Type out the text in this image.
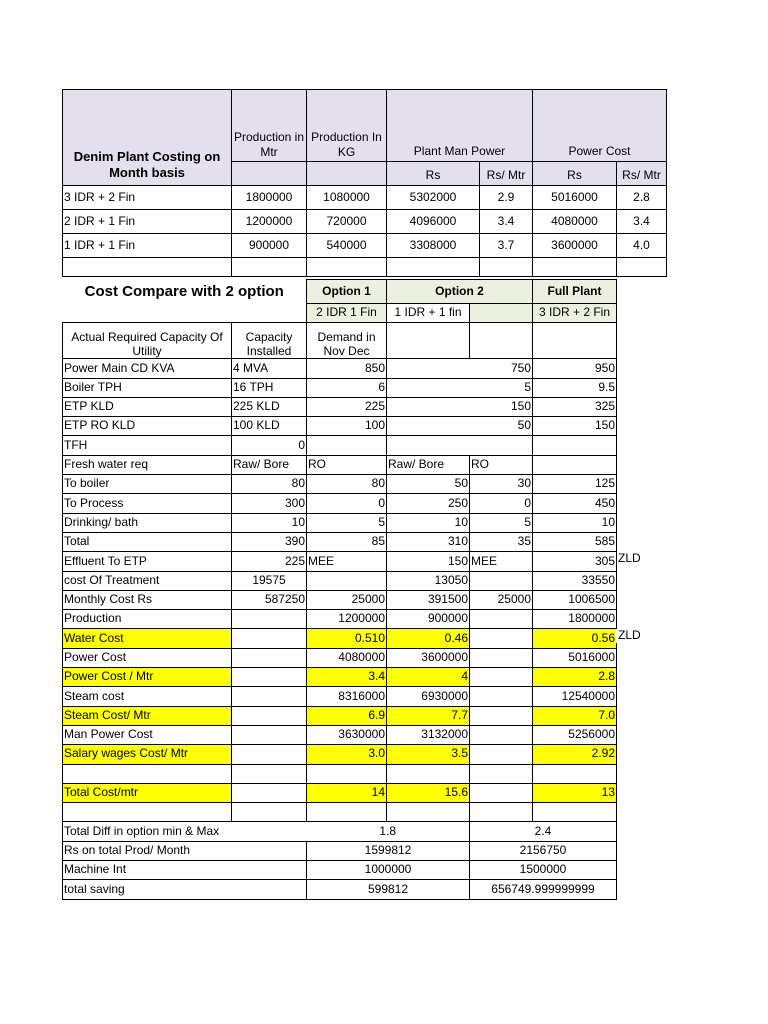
Denim Plant Costing on Month basis	Production in Mtr	Production In KG	Plant Man Power		Power Cost	
			Rs	Rs/ Mtr	Rs	Rs/ Mtr
3 IDR + 2 Fin	1800000	1080000	5302000	2.9	5016000	2.8
2 IDR + 1 Fin	1200000	720000	4096000	3.4	4080000	3.4
1 IDR + 1 Fin	900000	540000	3308000	3.7	3600000	4.0

Cost Compare with 2 option		Option 1	Option 2		Full Plant
		2 IDR 1 Fin	1 IDR + 1 fin		3 IDR + 2 Fin
Actual Required Capacity Of Utility	Capacity Installed	Demand in Nov Dec			
Power Main CD KVA	4 MVA	850	750		950
Boiler TPH	16 TPH	6	5		9.5
ETP KLD	225 KLD	225	150		325
ETP RO KLD	100 KLD	100	50		150
TFH	0				
Fresh water req	Raw/ Bore	RO	Raw/ Bore	RO	
To boiler	80	80	50	30	125
To Process	300	0	250	0	450
Drinking/ bath	10	5	10	5	10
Total	390	85	310	35	585
Effluent To ETP	225	MEE	150	MEE	305 ZLD

cost Of Treatment	19575		13050		33550
Monthly Cost Rs	587250	25000	391500	25000	1006500
Production		1200000	900000		1800000
Water Cost		0.510	0.46		0.56 ZLD

Power Cost		4080000	3600000		5016000
Power Cost / Mtr		3.4	4		2.8
Steam cost		8316000	6930000		12540000
Steam Cost/ Mtr		6.9	7.7		7.0
Man Power Cost		3630000	3132000		5256000
Salary wages Cost/ Mtr		3.0	3.5		2.92

Total Cost/mtr		14	15.6		13

Total Diff in option min & Max		1.8		2.4	
Rs on total Prod/ Month		1599812		2156750	
Machine Int		1000000		1500000	
total saving		599812		656749.999999999	
